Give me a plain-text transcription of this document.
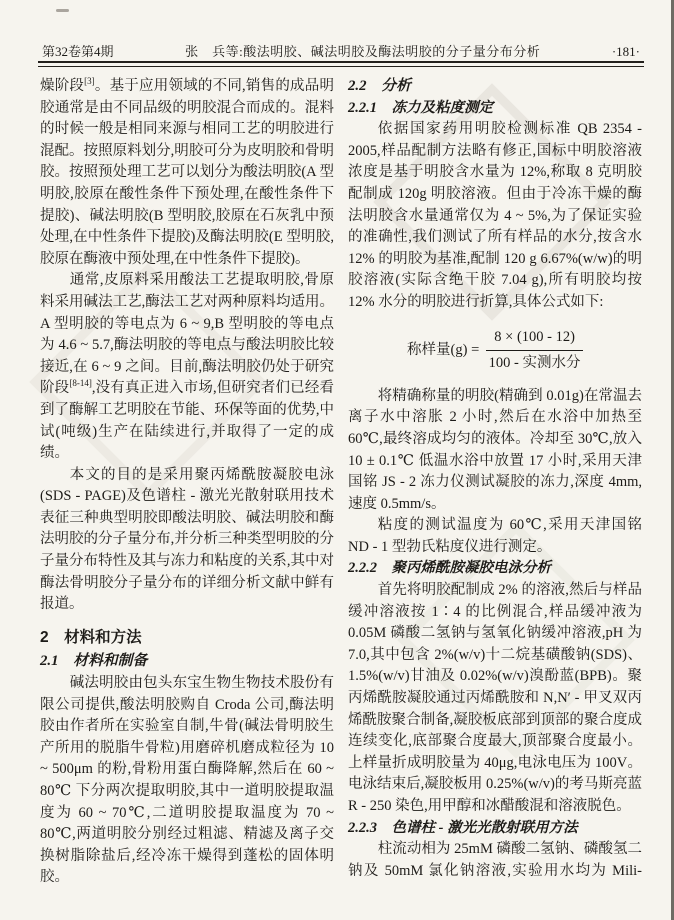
第32卷第4期	张　兵等:酸法明胶、碱法明胶及酶法明胶的分子量分布分析	·181·

燥阶段[3]。基于应用领域的不同,销售的成品明胶通常是由不同品级的明胶混合而成的。混料的时候一般是相同来源与相同工艺的明胶进行混配。按照原料划分,明胶可分为皮明胶和骨明胶。按照预处理工艺可以划分为酸法明胶(A 型明胶,胶原在酸性条件下预处理,在酸性条件下提胶)、碱法明胶(B 型明胶,胶原在石灰乳中预处理,在中性条件下提胶)及酶法明胶(E 型明胶,胶原在酶液中预处理,在中性条件下提胶)。

通常,皮原料采用酸法工艺提取明胶,骨原料采用碱法工艺,酶法工艺对两种原料均适用。A 型明胶的等电点为 6 ~ 9,B 型明胶的等电点为 4.6 ~ 5.7,酶法明胶的等电点与酸法明胶比较接近,在 6 ~ 9 之间。目前,酶法明胶仍处于研究阶段[8-14],没有真正进入市场,但研究者们已经看到了酶解工艺明胶在节能、环保等面的优势,中试(吨级)生产在陆续进行,并取得了一定的成绩。

本文的目的是采用聚丙烯酰胺凝胶电泳(SDS - PAGE)及色谱柱 - 激光光散射联用技术表征三种典型明胶即酸法明胶、碱法明胶和酶法明胶的分子量分布,并分析三种类型明胶的分子量分布特性及其与冻力和粘度的关系,其中对酶法骨明胶分子量分布的详细分析文献中鲜有报道。

2　材料和方法
2.1　材料和制备

碱法明胶由包头东宝生物生物技术股份有限公司提供,酸法明胶购自 Croda 公司,酶法明胶由作者所在实验室自制,牛骨(碱法骨明胶生产所用的脱脂牛骨粒)用磨碎机磨成粒径为 10 ~ 500μm 的粉,骨粉用蛋白酶降解,然后在 60 ~ 80℃ 下分两次提取明胶,其中一道明胶提取温度为 60 ~ 70℃,二道明胶提取温度为 70 ~ 80℃,两道明胶分别经过粗滤、精滤及离子交换树脂除盐后,经冷冻干燥得到蓬松的固体明胶。

2.2　分析
2.2.1　冻力及粘度测定

依据国家药用明胶检测标准 QB 2354 - 2005,样品配制方法略有修正,国标中明胶溶液浓度是基于明胶含水量为 12%,称取 8 克明胶配制成 120g 明胶溶液。但由于冷冻干燥的酶法明胶含水量通常仅为 4 ~ 5%,为了保证实验的准确性,我们测试了所有样品的水分,按含水 12% 的明胶为基准,配制 120 g 6.67%(w/w)的明胶溶液(实际含绝干胶 7.04 g),所有明胶均按 12% 水分的明胶进行折算,具体公式如下:

称样量$(g) = \frac{8 \times (100 - 12)}{\text{100 - 实测水分}}$

将精确称量的明胶(精确到 0.01g)在常温去离子水中溶胀 2 小时,然后在水浴中加热至 60℃,最终溶成均匀的液体。冷却至 30℃,放入 10 ± 0.1℃ 低温水浴中放置 17 小时,采用天津国铭 JS - 2 冻力仪测试凝胶的冻力,深度 4mm,速度 0.5mm/s。

粘度的测试温度为 60℃,采用天津国铭 ND - 1 型勃氏粘度仪进行测定。

2.2.2　聚丙烯酰胺凝胶电泳分析

首先将明胶配制成 2% 的溶液,然后与样品缓冲溶液按 1∶4 的比例混合,样品缓冲液为 0.05M 磷酸二氢钠与氢氧化钠缓冲溶液,pH 为 7.0,其中包含 2%(w/v)十二烷基磺酸钠(SDS)、1.5%(w/v)甘油及 0.02%(w/v)溴酚蓝(BPB)。聚丙烯酰胺凝胶通过丙烯酰胺和 N,N′ - 甲叉双丙烯酰胺聚合制备,凝胶板底部到顶部的聚合度成连续变化,底部聚合度最大,顶部聚合度最小。上样量折成明胶量为 40μg,电泳电压为 100V。电泳结束后,凝胶板用 0.25%(w/v)的考马斯亮蓝 R - 250 染色,用甲醇和冰醋酸混和溶液脱色。

2.2.3　色谱柱 - 激光光散射联用方法

柱流动相为 25mM 磷酸二氢钠、磷酸氢二钠及 50mM 氯化钠溶液,实验用水均为 Mili-
